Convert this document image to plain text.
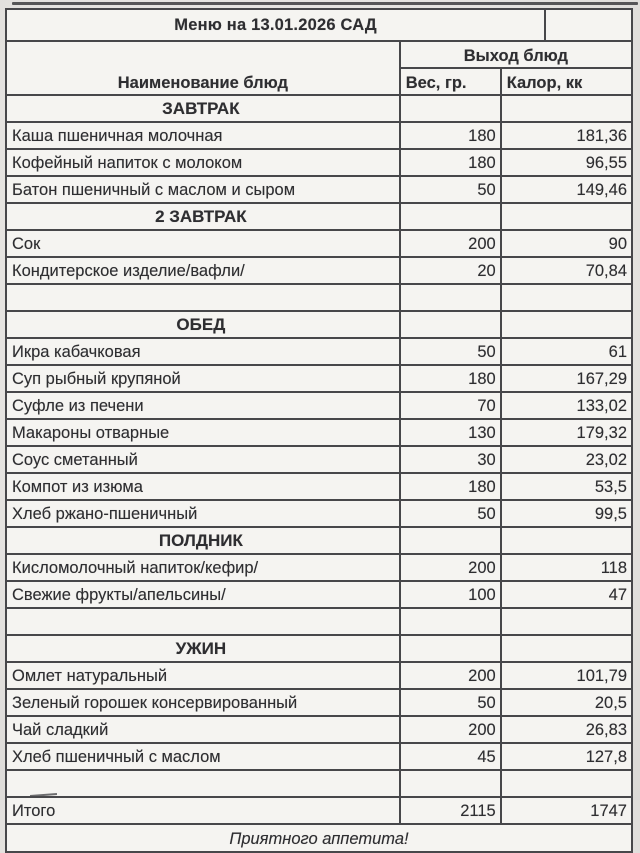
Меню на 13.01.2026 САД			
Наименование блюд	Выход блюд		
	Вес, гр.	Калор, кк	
ЗАВТРАК			
Каша пшеничная молочная	180	181,36	
Кофейный напиток с молоком	180	96,55	
Батон пшеничный с маслом и сыром	50	149,46	
2 ЗАВТРАК			
Сок	200	90	
Кондитерское изделие/вафли/	20	70,84	

ОБЕД			
Икра кабачковая	50	61	
Суп рыбный крупяной	180	167,29	
Суфле из печени	70	133,02	
Макароны отварные	130	179,32	
Соус сметанный	30	23,02	
Компот из изюма	180	53,5	
Хлеб ржано-пшеничный	50	99,5	
ПОЛДНИК			
Кисломолочный напиток/кефир/	200	118	
Свежие фрукты/апельсины/	100	47	

УЖИН			
Омлет натуральный	200	101,79	
Зеленый горошек консервированный	50	20,5	
Чай сладкий	200	26,83	
Хлеб пшеничный с маслом	45	127,8	

Итого	2115	1747	
Приятного аппетита!			
